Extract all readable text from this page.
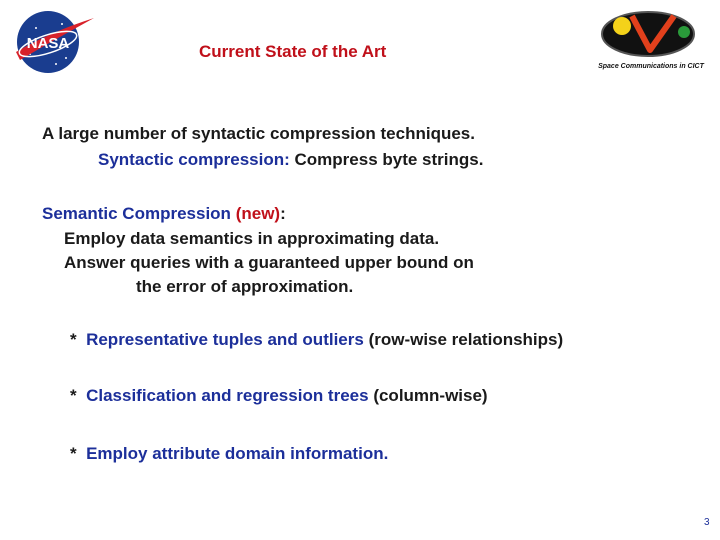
NASA
Space Communications in CICT
Current State of the Art
A large number of syntactic compression techniques.
Syntactic compression: Compress byte strings.
Semantic Compression (new):
Employ data semantics in approximating data.
Answer queries with a guaranteed upper bound on
the error of approximation.
* Representative tuples and outliers (row-wise relationships)
* Classification and regression trees (column-wise)
* Employ attribute domain information.
3
